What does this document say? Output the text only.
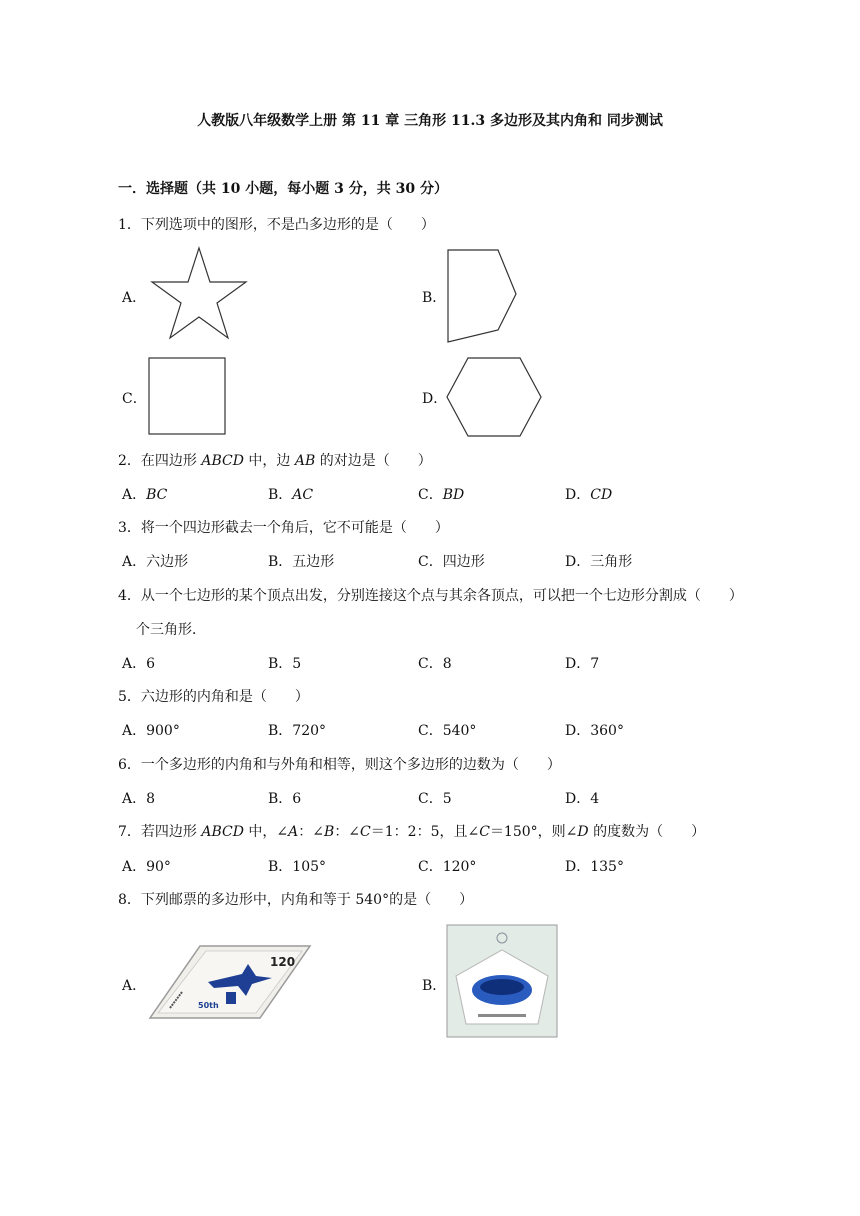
人教版八年级数学上册 第 11 章 三角形 11.3 多边形及其内角和 同步测试
一．选择题（共 10 小题，每小题 3 分，共 30 分）
1．下列选项中的图形，不是凸多边形的是（　　）
A．	B．
C．	D．
2．在四边形 ABCD 中，边 AB 的对边是（　　）
A．BC	B．AC	C．BD	D．CD
3．将一个四边形截去一个角后，它不可能是（　　）
A．六边形	B．五边形	C．四边形	D．三角形
4．从一个七边形的某个顶点出发，分别连接这个点与其余各顶点，可以把一个七边形分割成（　　）
个三角形．
A．6	B．5	C．8	D．7
5．六边形的内角和是（　　）
A．900°	B．720°	C．540°	D．360°
6．一个多边形的内角和与外角和相等，则这个多边形的边数为（　　）
A．8	B．6	C．5	D．4
7．若四边形 ABCD 中，∠A：∠B：∠C＝1：2：5，且∠C＝150°，则∠D 的度数为（　　）
A．90°	B．105°	C．120°	D．135°
8．下列邮票的多边形中，内角和等于 540°的是（　　）
A．
120
50th
B．
